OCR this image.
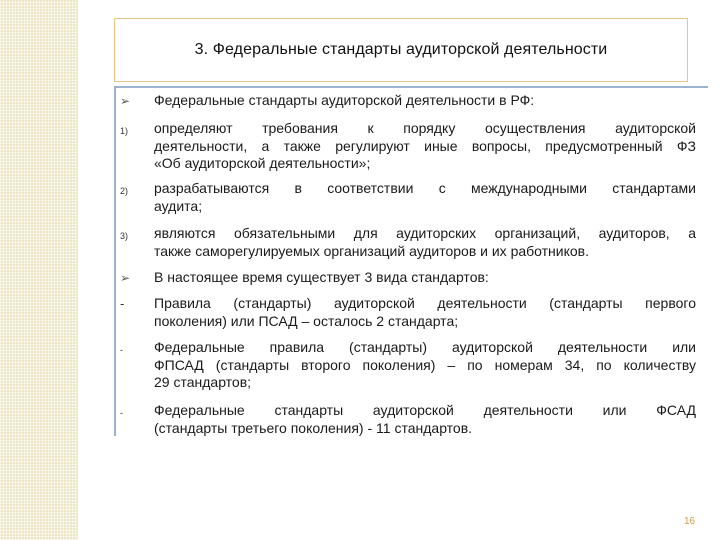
3. Федеральные стандарты аудиторской деятельности
➢ Федеральные стандарты аудиторской деятельности в РФ:
1) определяют требования к порядку осуществления аудиторской
деятельности, а также регулируют иные вопросы, предусмотренный ФЗ
«Об аудиторской деятельности»;
2) разрабатываются в соответствии с международными стандартами
аудита;
3) являются обязательными для аудиторских организаций, аудиторов, а
также саморегулируемых организаций аудиторов и их работников.
➢ В настоящее время существует 3 вида стандартов:
- Правила (стандарты) аудиторской деятельности (стандарты первого
поколения) или ПСАД – осталось 2 стандарта;
- Федеральные правила (стандарты) аудиторской деятельности или
ФПСАД (стандарты второго поколения) – по номерам 34, по количеству
29 стандартов;
- Федеральные стандарты аудиторской деятельности или ФСАД
(стандарты третьего поколения) - 11 стандартов.
16
